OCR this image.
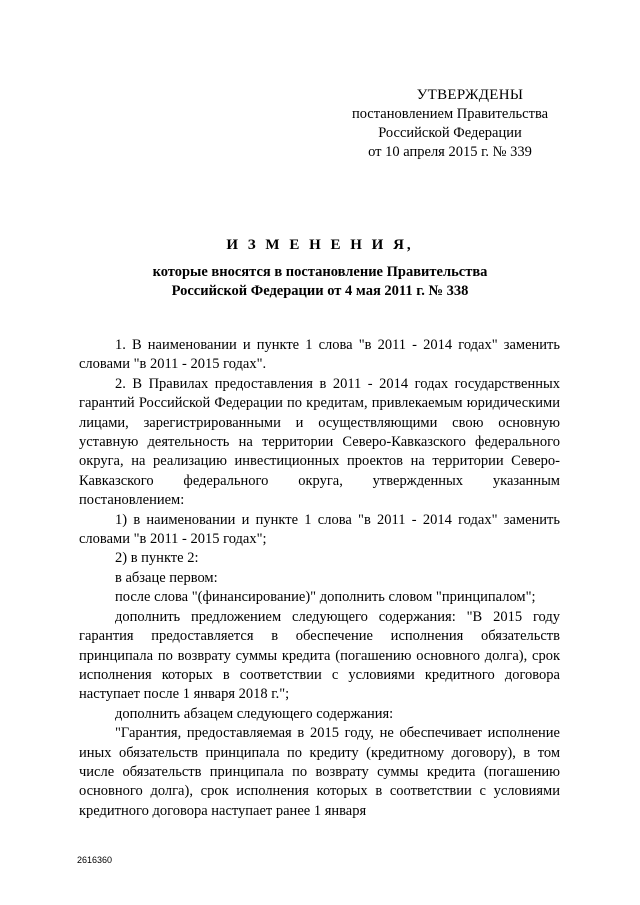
УТВЕРЖДЕНЫ
постановлением Правительства
Российской Федерации
от 10 апреля 2015 г. № 339
И З М Е Н Е Н И Я,
которые вносятся в постановление Правительства
Российской Федерации от 4 мая 2011 г. № 338

1. В наименовании и пункте 1 слова "в 2011 - 2014 годах" заменить словами "в 2011 - 2015 годах".

2. В Правилах предоставления в 2011 - 2014 годах государственных гарантий Российской Федерации по кредитам, привлекаемым юридическими лицами, зарегистрированными и осуществляющими свою основную уставную деятельность на территории Северо-Кавказского федерального округа, на реализацию инвестиционных проектов на территории Северо-Кавказского федерального округа, утвержденных указанным постановлением:

1) в наименовании и пункте 1 слова "в 2011 - 2014 годах" заменить словами "в 2011 - 2015 годах";

2) в пункте 2:

в абзаце первом:

после слова "(финансирование)" дополнить словом "принципалом";

дополнить предложением следующего содержания: "В 2015 году гарантия предоставляется в обеспечение исполнения обязательств принципала по возврату суммы кредита (погашению основного долга), срок исполнения которых в соответствии с условиями кредитного договора наступает после 1 января 2018 г.";

дополнить абзацем следующего содержания:

"Гарантия, предоставляемая в 2015 году, не обеспечивает исполнение иных обязательств принципала по кредиту (кредитному договору), в том числе обязательств принципала по возврату суммы кредита (погашению основного долга), срок исполнения которых в соответствии с условиями кредитного договора наступает ранее 1 января

2616360
